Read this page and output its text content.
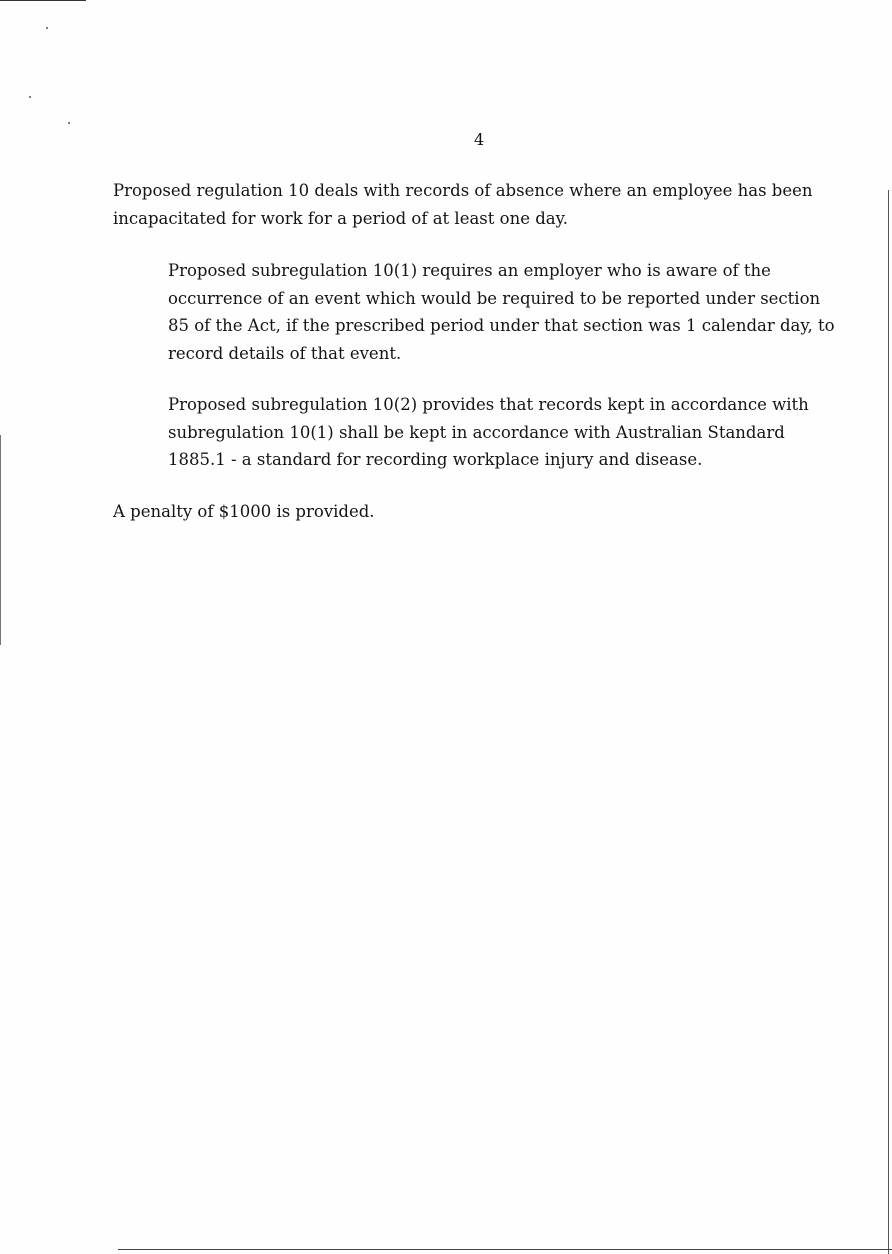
4

Proposed regulation 10 deals with records of absence where an employee has been
incapacitated for work for a period of at least one day.

Proposed subregulation 10(1) requires an employer who is aware of the
occurrence of an event which would be required to be reported under section
85 of the Act, if the prescribed period under that section was 1 calendar day, to
record details of that event.

Proposed subregulation 10(2) provides that records kept in accordance with
subregulation 10(1) shall be kept in accordance with Australian Standard
1885.1 - a standard for recording workplace injury and disease.

A penalty of $1000 is provided.
